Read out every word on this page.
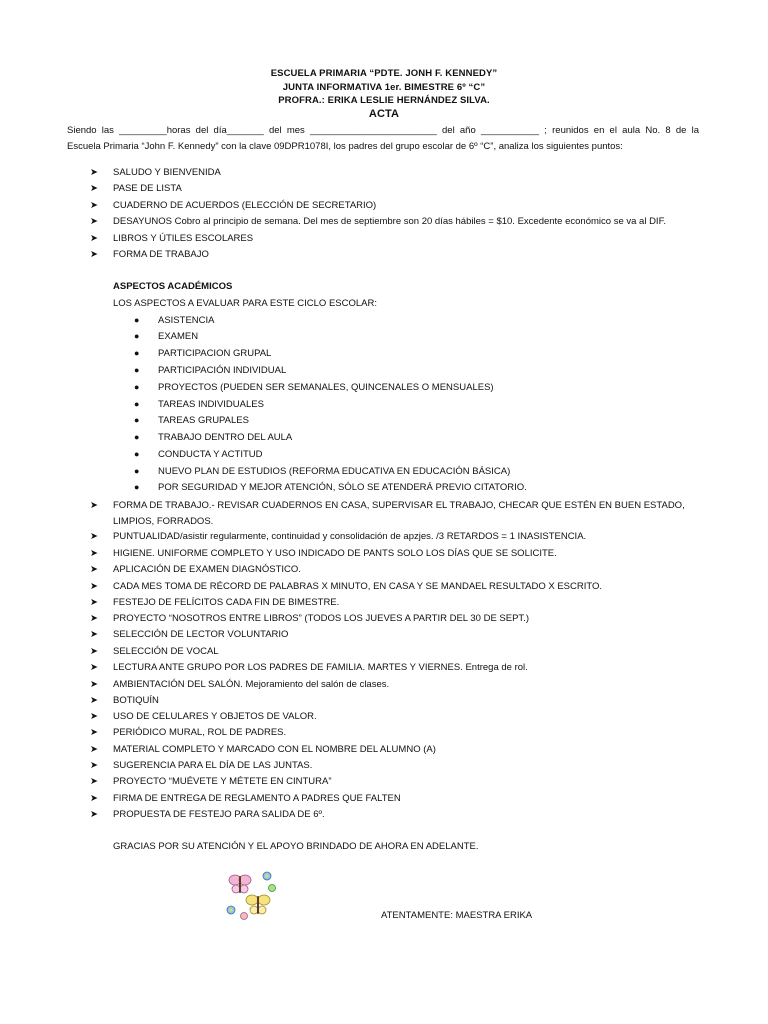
ESCUELA PRIMARIA “PDTE. JONH F. KENNEDY”
JUNTA INFORMATIVA 1er. BIMESTRE 6º “C”
PROFRA.: ERIKA LESLIE HERNÁNDEZ SILVA.
ACTA
Siendo las _________horas del día_______ del mes ________________________ del año ___________ ; reunidos en el aula No. 8 de la
Escuela Primaria “John F. Kennedy” con la clave 09DPR1078I, los padres del grupo escolar de 6º “C”, analiza los siguientes puntos:
➤ SALUDO Y BIENVENIDA
➤ PASE DE LISTA
➤ CUADERNO DE ACUERDOS (ELECCIÓN DE SECRETARIO)
➤ DESAYUNOS Cobro al principio de semana. Del mes de septiembre son 20 días hábiles = $10. Excedente económico se va al DIF.
➤ LIBROS Y ÚTILES ESCOLARES
➤ FORMA DE TRABAJO
ASPECTOS ACADÉMICOS
LOS ASPECTOS A EVALUAR PARA ESTE CICLO ESCOLAR:
● ASISTENCIA
● EXAMEN
● PARTICIPACION GRUPAL
● PARTICIPACIÓN INDIVIDUAL
● PROYECTOS (PUEDEN SER SEMANALES, QUINCENALES O MENSUALES)
● TAREAS INDIVIDUALES
● TAREAS GRUPALES
● TRABAJO DENTRO DEL AULA
● CONDUCTA Y ACTITUD
● NUEVO PLAN DE ESTUDIOS (REFORMA EDUCATIVA EN EDUCACIÓN BÁSICA)
● POR SEGURIDAD Y MEJOR ATENCIÓN, SÓLO SE ATENDERÁ PREVIO CITATORIO.
➤ FORMA DE TRABAJO.- REVISAR CUADERNOS EN CASA, SUPERVISAR EL TRABAJO, CHECAR QUE ESTÉN EN BUEN ESTADO,
LIMPIOS, FORRADOS.
➤ PUNTUALIDAD/asistir regularmente, continuidad y consolidación de apzjes. /3 RETARDOS = 1 INASISTENCIA.
➤ HIGIENE. UNIFORME COMPLETO Y USO INDICADO DE PANTS SOLO LOS DÍAS QUE SE SOLICITE.
➤ APLICACIÓN DE EXAMEN DIAGNÓSTICO.
➤ CADA MES TOMA DE RÉCORD DE PALABRAS X MINUTO, EN CASA Y SE MANDAEL RESULTADO X ESCRITO.
➤ FESTEJO DE FELÍCITOS CADA FIN DE BIMESTRE.
➤ PROYECTO “NOSOTROS ENTRE LIBROS” (TODOS LOS JUEVES A PARTIR DEL 30 DE SEPT.)
➤ SELECCIÓN DE LECTOR VOLUNTARIO
➤ SELECCIÓN DE VOCAL
➤ LECTURA ANTE GRUPO POR LOS PADRES DE FAMILIA. MARTES Y VIERNES. Entrega de rol.
➤ AMBIENTACIÓN DEL SALÓN. Mejoramiento del salón de clases.
➤ BOTIQUÍN
➤ USO DE CELULARES Y OBJETOS DE VALOR.
➤ PERIÓDICO MURAL, ROL DE PADRES.
➤ MATERIAL COMPLETO Y MARCADO CON EL NOMBRE DEL ALUMNO (A)
➤ SUGERENCIA PARA EL DÍA DE LAS JUNTAS.
➤ PROYECTO “MUÉVETE Y MÉTETE EN CINTURA”
➤ FIRMA DE ENTREGA DE REGLAMENTO A PADRES QUE FALTEN
➤ PROPUESTA DE FESTEJO PARA SALIDA DE 6º.
GRACIAS POR SU ATENCIÓN Y EL APOYO BRINDADO DE AHORA EN ADELANTE.
ATENTAMENTE: MAESTRA ERIKA
